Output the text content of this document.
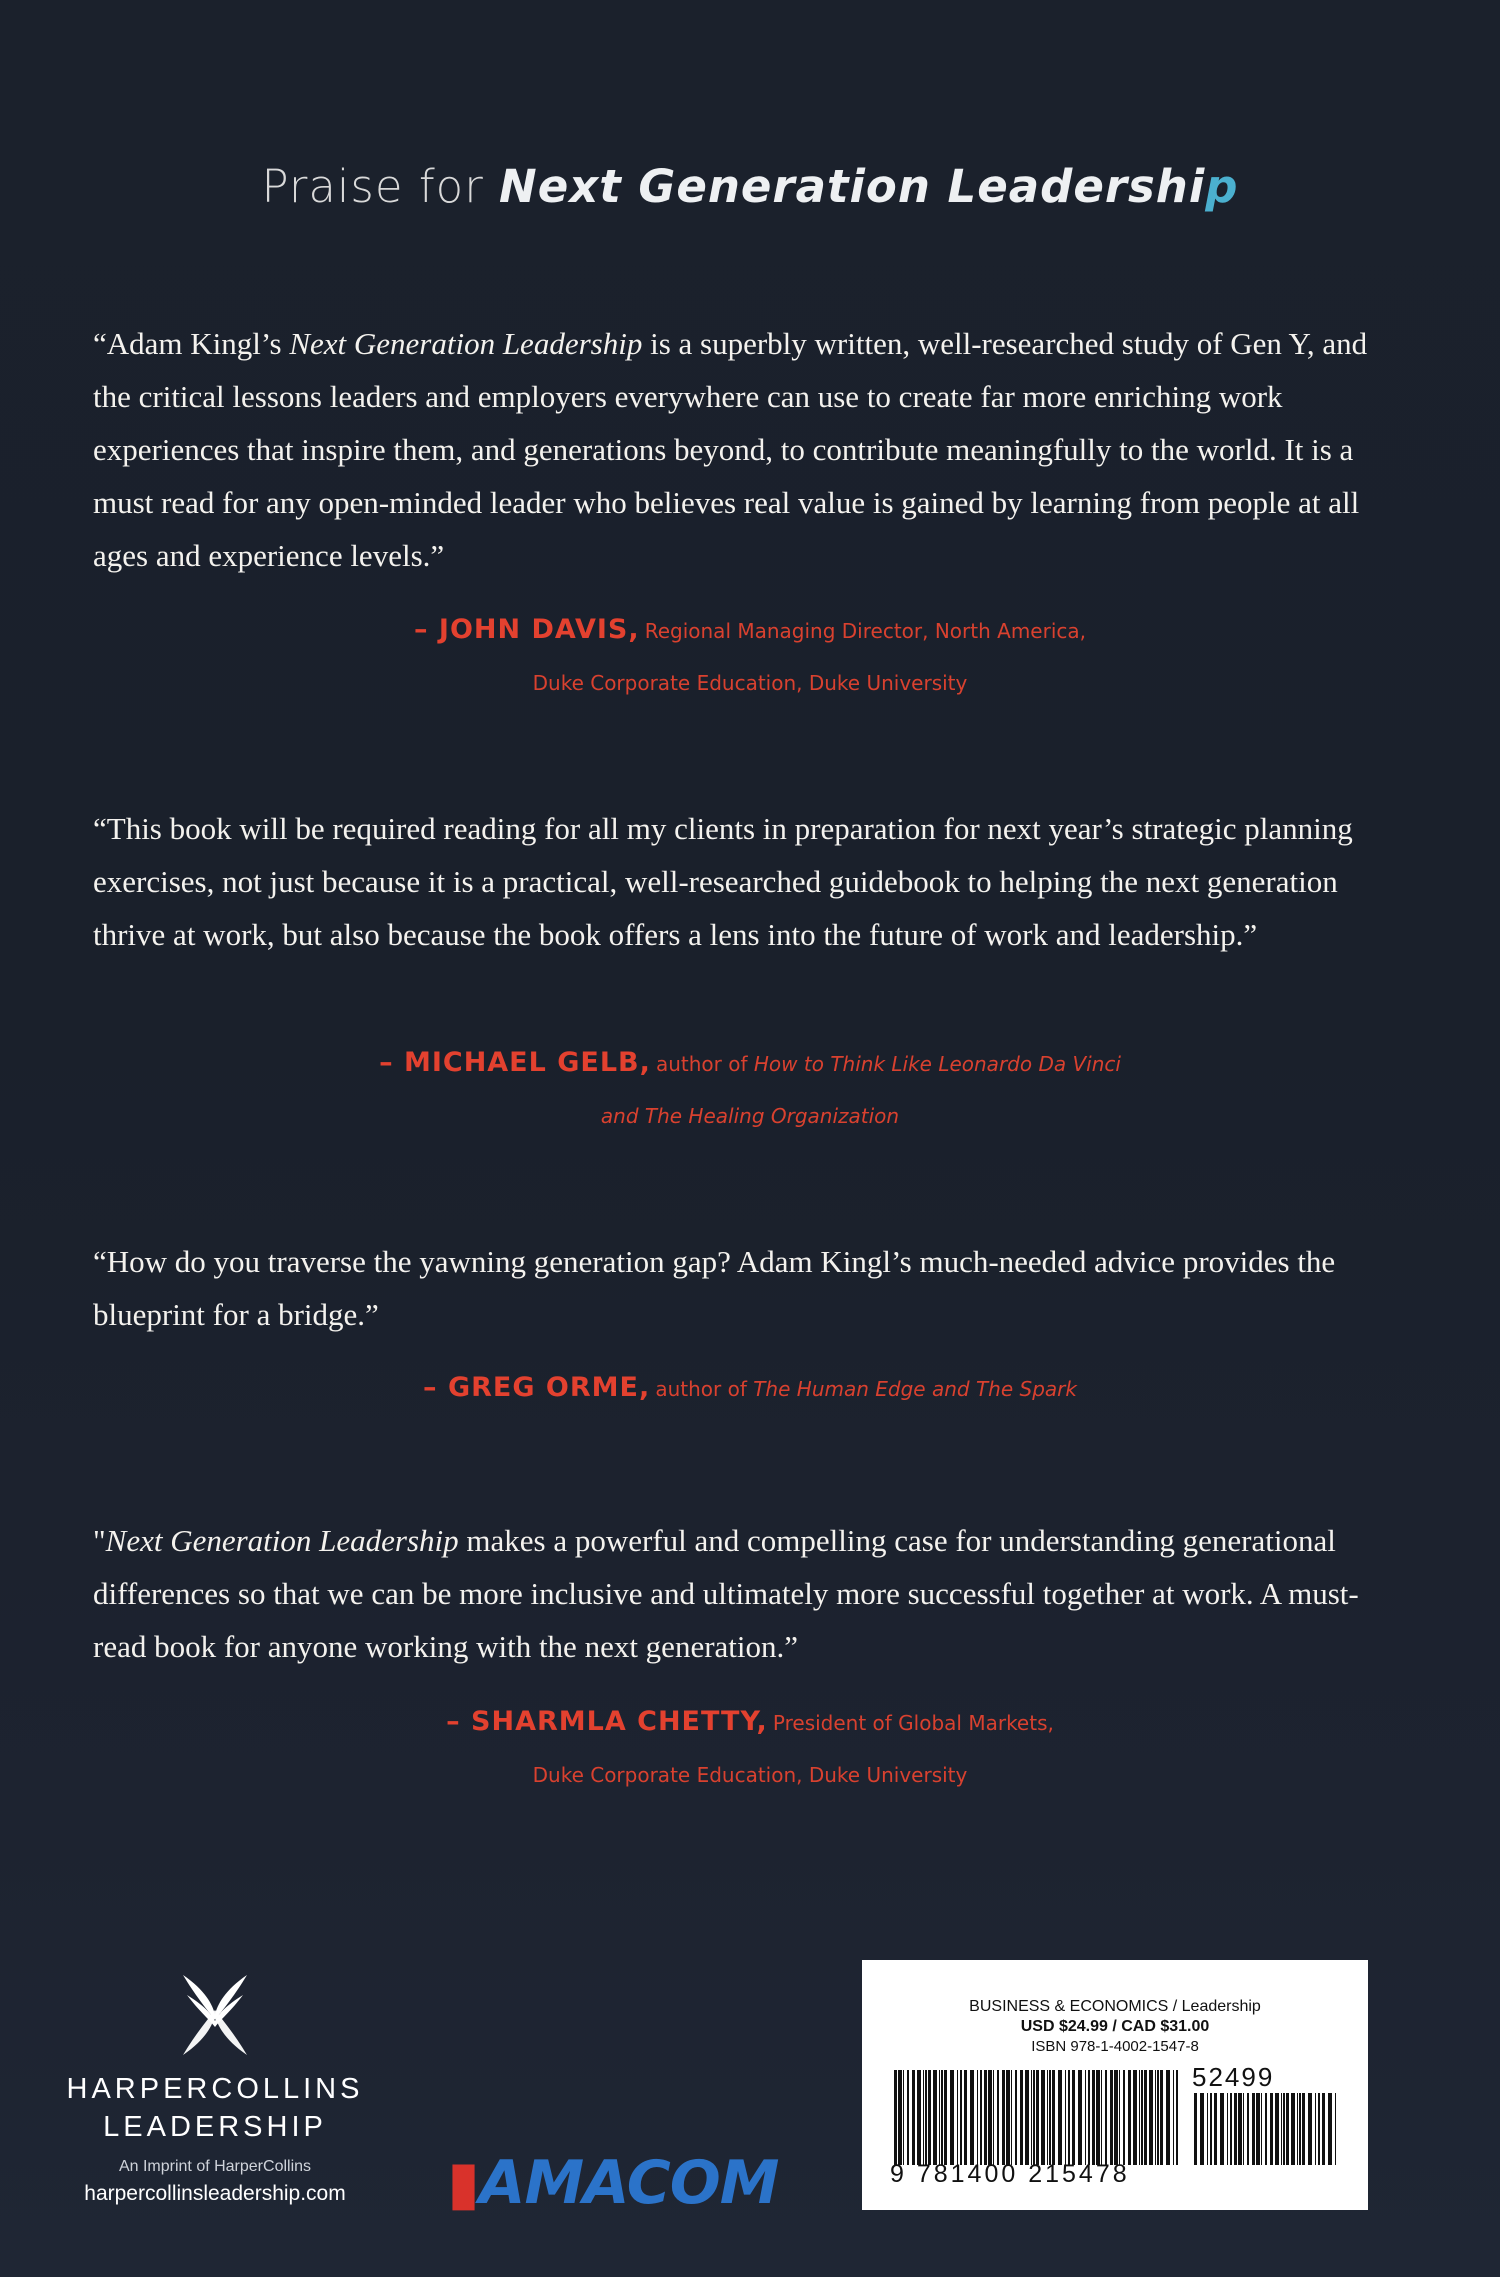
Praise for Next Generation Leadership
“Adam Kingl’s Next Generation Leadership is a superbly written, well-researched study of Gen Y, and the critical lessons leaders and employers everywhere can use to create far more enriching work experiences that inspire them, and generations beyond, to contribute meaningfully to the world. It is a must read for any open-minded leader who believes real value is gained by learning from people at all ages and experience levels.”
– JOHN DAVIS, Regional Managing Director, North America,
Duke Corporate Education, Duke University
“This book will be required reading for all my clients in preparation for next year’s strategic planning exercises, not just because it is a practical, well-researched guidebook to helping the next generation thrive at work, but also because the book offers a lens into the future of work and leadership.”
– MICHAEL GELB, author of How to Think Like Leonardo Da Vinci
and The Healing Organization
“How do you traverse the yawning generation gap? Adam Kingl’s much-needed advice provides the blueprint for a bridge.”
– GREG ORME, author of The Human Edge and The Spark
"Next Generation Leadership makes a powerful and compelling case for understanding generational differences so that we can be more inclusive and ultimately more successful together at work. A must-read book for anyone working with the next generation.”
– SHARMLA CHETTY, President of Global Markets,
Duke Corporate Education, Duke University
HARPERCOLLINS
LEADERSHIP
An Imprint of HarperCollins
harpercollinsleadership.com	▮AMACOM
BUSINESS & ECONOMICS / Leadership
USD $24.99 / CAD $31.00
ISBN 978-1-4002-1547-8
52499
9 781400 215478
